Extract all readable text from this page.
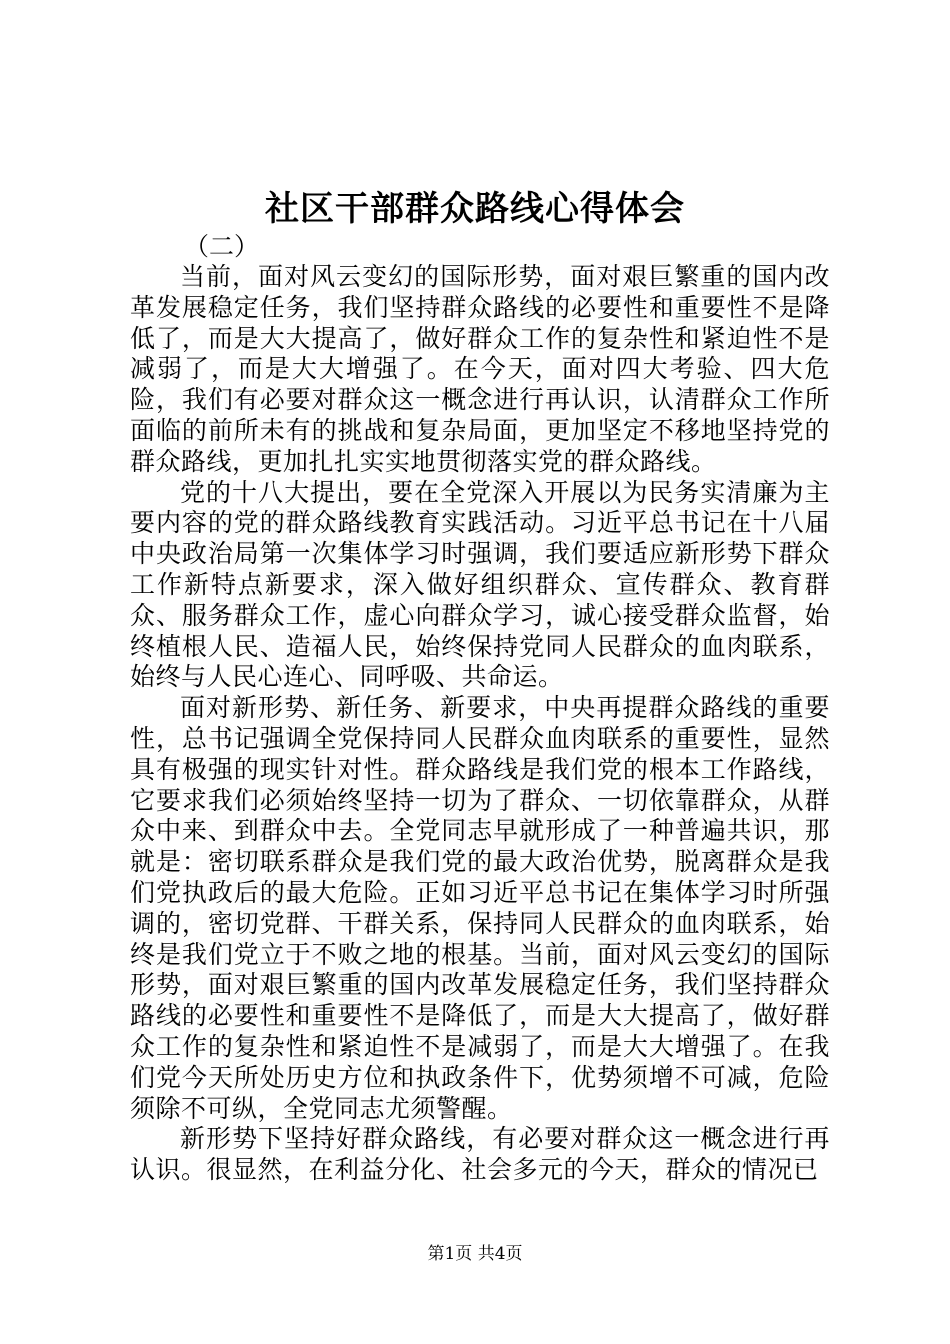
社区干部群众路线心得体会
（二）

当前，面对风云变幻的国际形势，面对艰巨繁重的国内改革发展稳定任务，我们坚持群众路线的必要性和重要性不是降低了，而是大大提高了，做好群众工作的复杂性和紧迫性不是减弱了，而是大大增强了。在今天，面对四大考验、四大危险，我们有必要对群众这一概念进行再认识，认清群众工作所面临的前所未有的挑战和复杂局面，更加坚定不移地坚持党的群众路线，更加扎扎实实地贯彻落实党的群众路线。

党的十八大提出，要在全党深入开展以为民务实清廉为主要内容的党的群众路线教育实践活动。习近平总书记在十八届中央政治局第一次集体学习时强调，我们要适应新形势下群众工作新特点新要求，深入做好组织群众、宣传群众、教育群众、服务群众工作，虚心向群众学习，诚心接受群众监督，始终植根人民、造福人民，始终保持党同人民群众的血肉联系，始终与人民心连心、同呼吸、共命运。

面对新形势、新任务、新要求，中央再提群众路线的重要性，总书记强调全党保持同人民群众血肉联系的重要性，显然具有极强的现实针对性。群众路线是我们党的根本工作路线，它要求我们必须始终坚持一切为了群众、一切依靠群众，从群众中来、到群众中去。全党同志早就形成了一种普遍共识，那就是：密切联系群众是我们党的最大政治优势，脱离群众是我们党执政后的最大危险。正如习近平总书记在集体学习时所强调的，密切党群、干群关系，保持同人民群众的血肉联系，始终是我们党立于不败之地的根基。当前，面对风云变幻的国际形势，面对艰巨繁重的国内改革发展稳定任务，我们坚持群众路线的必要性和重要性不是降低了，而是大大提高了，做好群众工作的复杂性和紧迫性不是减弱了，而是大大增强了。在我们党今天所处历史方位和执政条件下，优势须增不可减，危险须除不可纵，全党同志尤须警醒。

新形势下坚持好群众路线，有必要对群众这一概念进行再认识。很显然，在利益分化、社会多元的今天，群众的情况已

第1页 共4页
